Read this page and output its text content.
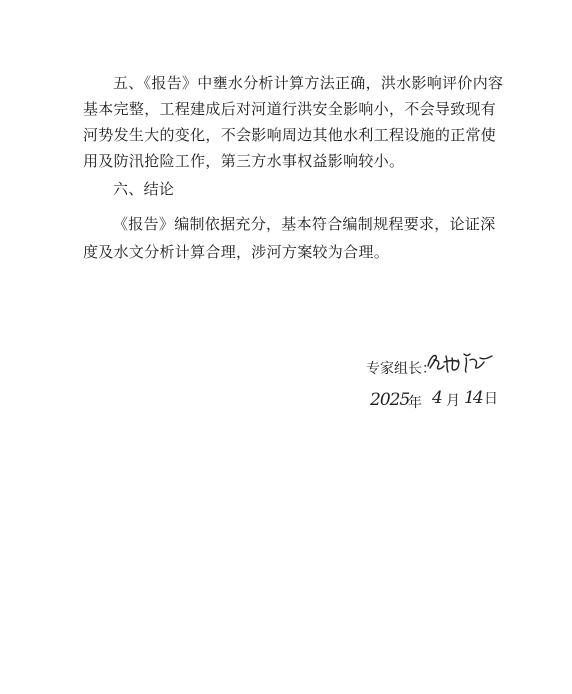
五、《报告》中壅水分析计算方法正确，洪水影响评价内容基本完整，工程建成后对河道行洪安全影响小，不会导致现有河势发生大的变化，不会影响周边其他水利工程设施的正常使用及防汛抢险工作，第三方水事权益影响较小。

六、结论

《报告》编制依据充分，基本符合编制规程要求，论证深度及水文分析计算合理，涉河方案较为合理。

专家组长：
2025
年 4 月 14 日
